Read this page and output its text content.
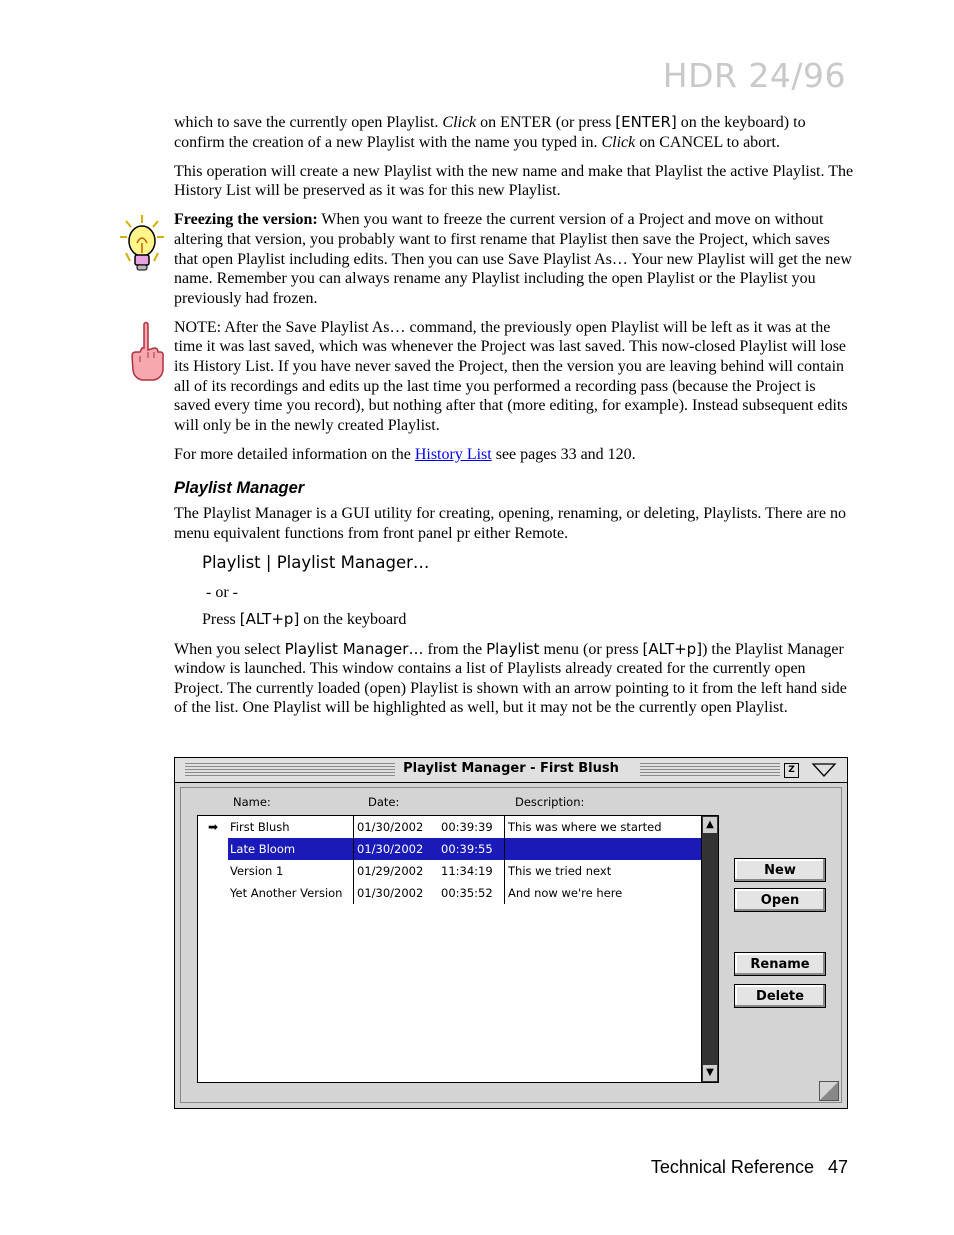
HDR 24/96

which to save the currently open Playlist. Click on ENTER (or press [ENTER] on the keyboard) to confirm the creation of a new Playlist with the name you typed in. Click on CANCEL to abort.

This operation will create a new Playlist with the new name and make that Playlist the active Playlist. The History List will be preserved as it was for this new Playlist.

Freezing the version: When you want to freeze the current version of a Project and move on without altering that version, you probably want to first rename that Playlist then save the Project, which saves that open Playlist including edits. Then you can use Save Playlist As… Your new Playlist will get the new name. Remember you can always rename any Playlist including the open Playlist or the Playlist you previously had frozen.

NOTE: After the Save Playlist As… command, the previously open Playlist will be left as it was at the time it was last saved, which was whenever the Project was last saved. This now-closed Playlist will lose its History List. If you have never saved the Project, then the version you are leaving behind will contain all of its recordings and edits up the last time you performed a recording pass (because the Project is saved every time you record), but nothing after that (more editing, for example). Instead subsequent edits will only be in the newly created Playlist.

For more detailed information on the History List see pages 33 and 120.

Playlist Manager

The Playlist Manager is a GUI utility for creating, opening, renaming, or deleting, Playlists. There are no menu equivalent functions from front panel pr either Remote.

Playlist | Playlist Manager…
- or -

Press [ALT+p] on the keyboard

When you select Playlist Manager… from the Playlist menu (or press [ALT+p]) the Playlist Manager window is launched. This window contains a list of Playlists already created for the currently open Project. The currently loaded (open) Playlist is shown with an arrow pointing to it from the left hand side of the list. One Playlist will be highlighted as well, but it may not be the currently open Playlist.

Playlist Manager - First Blush	Z
Name:	Date:	Description:
➡ First Blush	01/30/2002 00:39:39 This was where we started
Late Bloom	01/30/2002 00:39:55
Version 1	01/29/2002 11:34:19 This we tried next
Yet Another Version 01/30/2002 00:35:52 And now we're here
▲
▼
New
Open
Rename
Delete
Technical Reference 47
